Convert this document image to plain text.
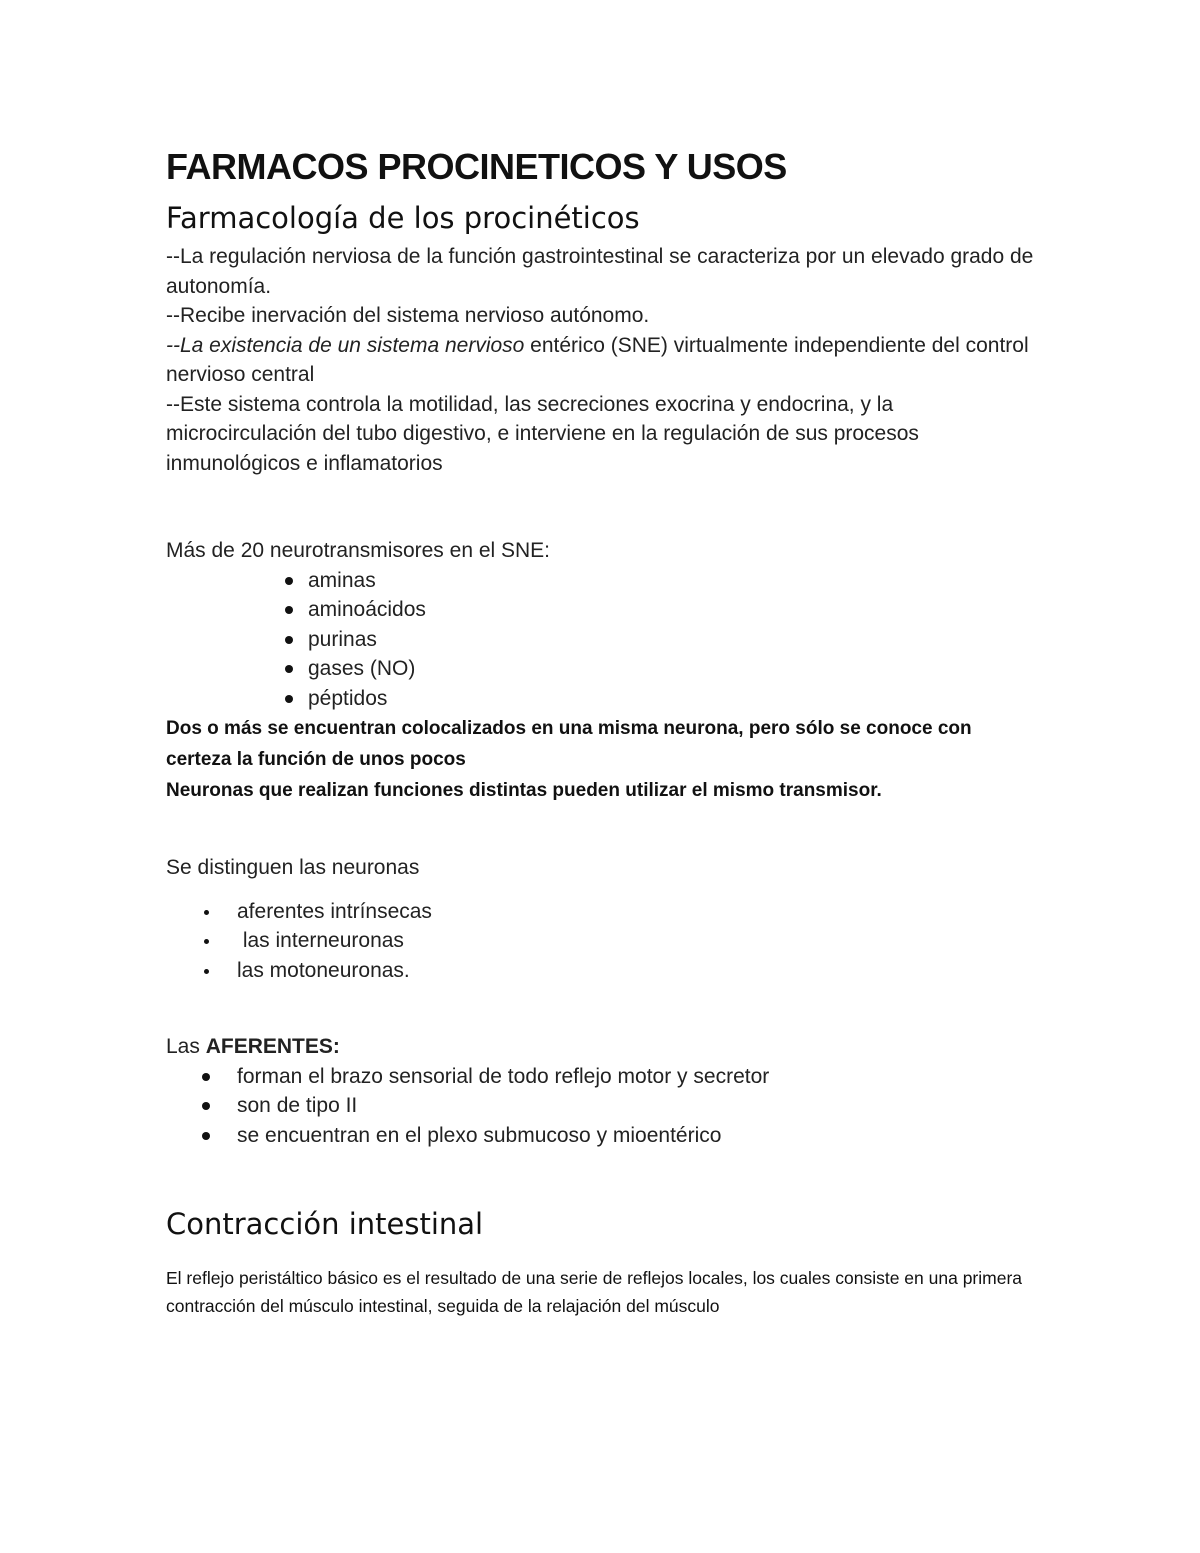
FARMACOS PROCINETICOS Y USOS
Farmacología de los procinéticos

--La regulación nerviosa de la función gastrointestinal se caracteriza por un elevado grado de autonomía.

--Recibe inervación del sistema nervioso autónomo.

--La existencia de un sistema nervioso entérico (SNE) virtualmente independiente del control nervioso central

--Este sistema controla la motilidad, las secreciones exocrina y endocrina, y la microcirculación del tubo digestivo, e interviene en la regulación de sus procesos inmunológicos e inflamatorios

Más de 20 neurotransmisores en el SNE:

aminas
aminoácidos
purinas
gases (NO)
péptidos

Dos o más se encuentran colocalizados en una misma neurona, pero sólo se conoce con certeza la función de unos pocos

Neuronas que realizan funciones distintas pueden utilizar el mismo transmisor.

Se distinguen las neuronas

aferentes intrínsecas
las interneuronas
las motoneuronas.

Las AFERENTES:

forman el brazo sensorial de todo reflejo motor y secretor
son de tipo II
se encuentran en el plexo submucoso y mioentérico
Contracción intestinal

El reflejo peristáltico básico es el resultado de una serie de reflejos locales, los cuales consiste en una primera contracción del músculo intestinal, seguida de la relajación del músculo
